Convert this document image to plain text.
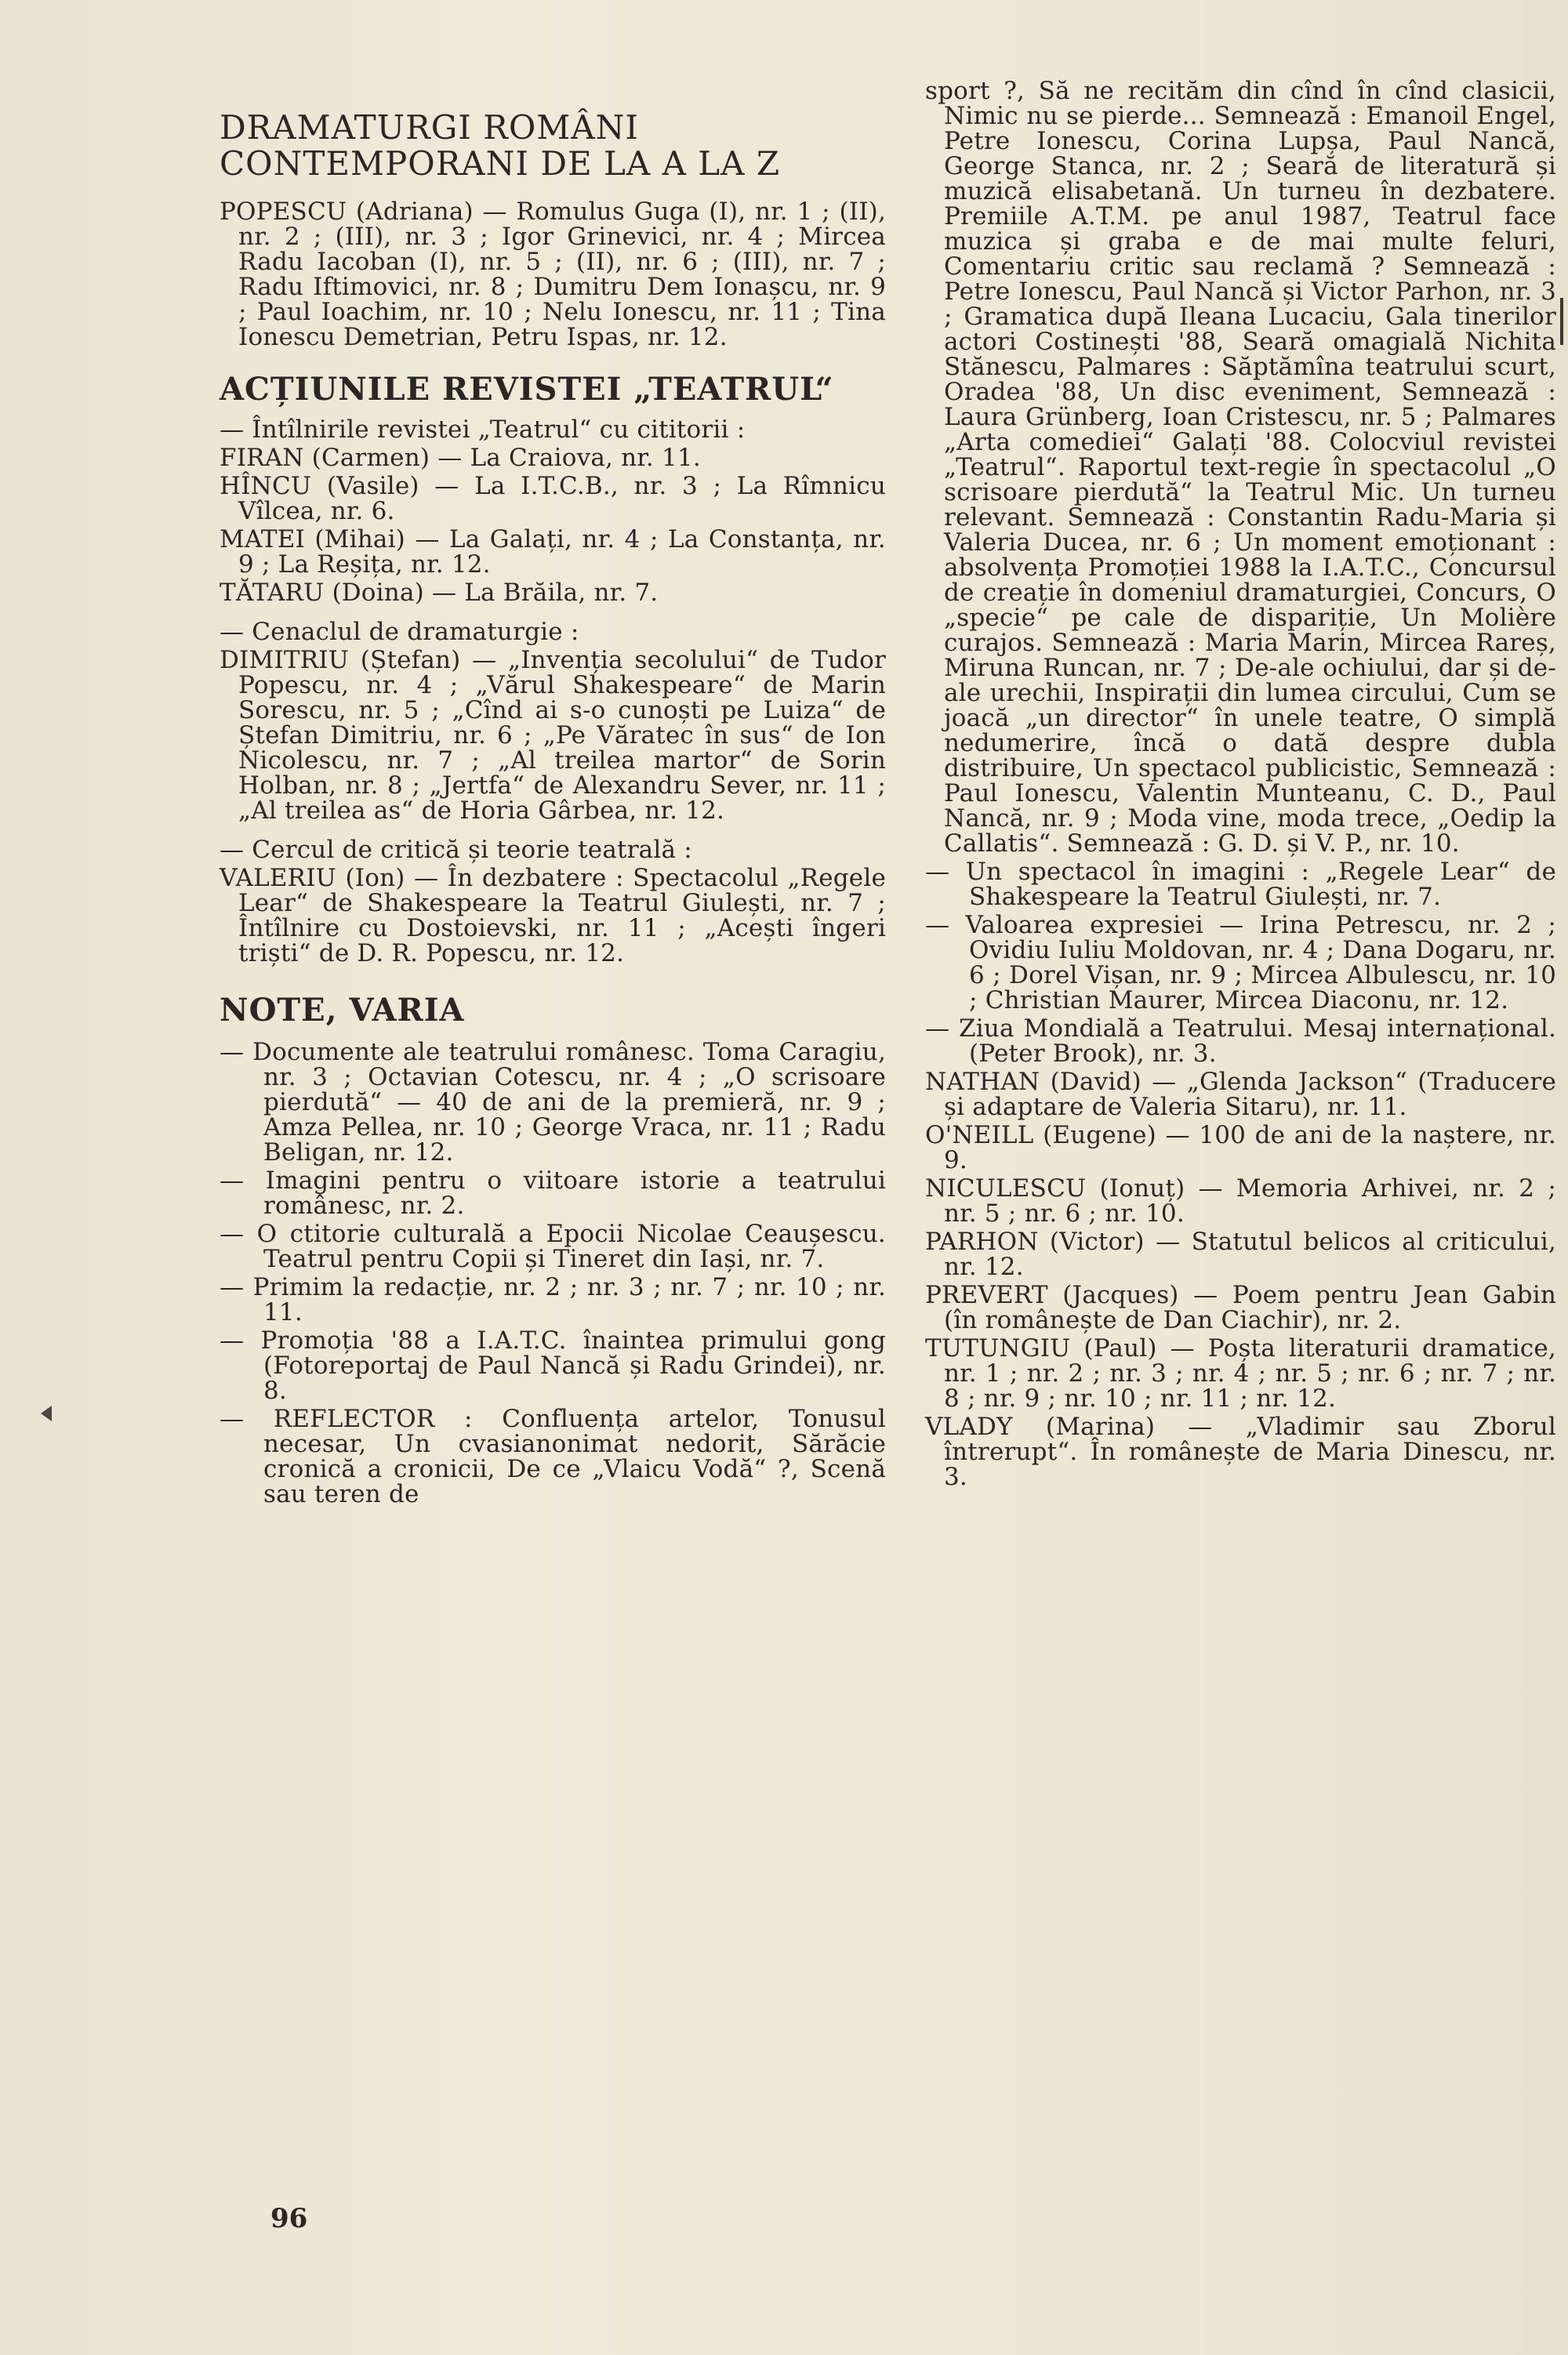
DRAMATURGI ROMÂNI CONTEMPORANI DE LA A LA Z

POPESCU (Adriana) — Romulus Guga (I), nr. 1 ; (II), nr. 2 ; (III), nr. 3 ; Igor Grinevici, nr. 4 ; Mircea Radu Iacoban (I), nr. 5 ; (II), nr. 6 ; (III), nr. 7 ; Radu Iftimovici, nr. 8 ; Dumitru Dem Ionașcu, nr. 9 ; Paul Ioachim, nr. 10 ; Nelu Ionescu, nr. 11 ; Tina Ionescu Demetrian, Petru Ispas, nr. 12.

ACȚIUNILE REVISTEI „TEATRUL“

— Întîlnirile revistei „Teatrul“ cu cititorii :

FIRAN (Carmen) — La Craiova, nr. 11.

HÎNCU (Vasile) — La I.T.C.B., nr. 3 ; La Rîmnicu Vîlcea, nr. 6.

MATEI (Mihai) — La Galați, nr. 4 ; La Constanța, nr. 9 ; La Reșița, nr. 12.

TĂTARU (Doina) — La Brăila, nr. 7.

— Cenaclul de dramaturgie :

DIMITRIU (Ștefan) — „Invenția secolului“ de Tudor Popescu, nr. 4 ; „Vărul Shakespeare“ de Marin Sorescu, nr. 5 ; „Cînd ai s-o cunoști pe Luiza“ de Ștefan Dimitriu, nr. 6 ; „Pe Văratec în sus“ de Ion Nicolescu, nr. 7 ; „Al treilea martor“ de Sorin Holban, nr. 8 ; „Jertfa“ de Alexandru Sever, nr. 11 ; „Al treilea as“ de Horia Gârbea, nr. 12.

— Cercul de critică și teorie teatrală :

VALERIU (Ion) — În dezbatere : Spectacolul „Regele Lear“ de Shakespeare la Teatrul Giulești, nr. 7 ; Întîlnire cu Dostoievski, nr. 11 ; „Acești îngeri triști“ de D. R. Popescu, nr. 12.

NOTE, VARIA

— Documente ale teatrului românesc. Toma Caragiu, nr. 3 ; Octavian Cotescu, nr. 4 ; „O scrisoare pierdută“ — 40 de ani de la premieră, nr. 9 ; Amza Pellea, nr. 10 ; George Vraca, nr. 11 ; Radu Beligan, nr. 12.

— Imagini pentru o viitoare istorie a teatrului românesc, nr. 2.

— O ctitorie culturală a Epocii Nicolae Ceaușescu. Teatrul pentru Copii și Tineret din Iași, nr. 7.

— Primim la redacție, nr. 2 ; nr. 3 ; nr. 7 ; nr. 10 ; nr. 11.

— Promoția '88 a I.A.T.C. înaintea primului gong (Fotoreportaj de Paul Nancă și Radu Grindei), nr. 8.

— REFLECTOR : Confluența artelor, Tonusul necesar, Un cvasianonimat nedorit, Sărăcie cronică a cronicii, De ce „Vlaicu Vodă“ ?, Scenă sau teren de

sport ?, Să ne recităm din cînd în cînd clasicii, Nimic nu se pierde... Semnează : Emanoil Engel, Petre Ionescu, Corina Lupșa, Paul Nancă, George Stanca, nr. 2 ; Seară de literatură și muzică elisabetană. Un turneu în dezbatere. Premiile A.T.M. pe anul 1987, Teatrul face muzica și graba e de mai multe feluri, Comentariu critic sau reclamă ? Semnează : Petre Ionescu, Paul Nancă și Victor Parhon, nr. 3 ; Gramatica după Ileana Lucaciu, Gala tinerilor actori Costinești '88, Seară omagială Nichita Stănescu, Palmares : Săptămîna teatrului scurt, Oradea '88, Un disc eveniment, Semnează : Laura Grünberg, Ioan Cristescu, nr. 5 ; Palmares „Arta comediei“ Galați '88. Colocviul revistei „Teatrul“. Raportul text-regie în spectacolul „O scrisoare pierdută“ la Teatrul Mic. Un turneu relevant. Semnează : Constantin Radu-Maria și Valeria Ducea, nr. 6 ; Un moment emoționant : absolvența Promoției 1988 la I.A.T.C., Concursul de creație în domeniul dramaturgiei, Concurs, O „specie“ pe cale de dispariție, Un Molière curajos. Semnează : Maria Marin, Mircea Rareș, Miruna Runcan, nr. 7 ; De-ale ochiului, dar și de-ale urechii, Inspirații din lumea circului, Cum se joacă „un director“ în unele teatre, O simplă nedumerire, încă o dată despre dubla distribuire, Un spectacol publicistic, Semnează : Paul Ionescu, Valentin Munteanu, C. D., Paul Nancă, nr. 9 ; Moda vine, moda trece, „Oedip la Callatis“. Semnează : G. D. și V. P., nr. 10.

— Un spectacol în imagini : „Regele Lear“ de Shakespeare la Teatrul Giulești, nr. 7.

— Valoarea expresiei — Irina Petrescu, nr. 2 ; Ovidiu Iuliu Moldovan, nr. 4 ; Dana Dogaru, nr. 6 ; Dorel Vișan, nr. 9 ; Mircea Albulescu, nr. 10 ; Christian Maurer, Mircea Diaconu, nr. 12.

— Ziua Mondială a Teatrului. Mesaj internațional. (Peter Brook), nr. 3.

NATHAN (David) — „Glenda Jackson“ (Traducere și adaptare de Valeria Sitaru), nr. 11.

O'NEILL (Eugene) — 100 de ani de la naștere, nr. 9.

NICULESCU (Ionuț) — Memoria Arhivei, nr. 2 ; nr. 5 ; nr. 6 ; nr. 10.

PARHON (Victor) — Statutul belicos al criticului, nr. 12.

PREVERT (Jacques) — Poem pentru Jean Gabin (în românește de Dan Ciachir), nr. 2.

TUTUNGIU (Paul) — Poșta literaturii dramatice, nr. 1 ; nr. 2 ; nr. 3 ; nr. 4 ; nr. 5 ; nr. 6 ; nr. 7 ; nr. 8 ; nr. 9 ; nr. 10 ; nr. 11 ; nr. 12.

VLADY (Marina) — „Vladimir sau Zborul întrerupt“. În românește de Maria Dinescu, nr. 3.

96
